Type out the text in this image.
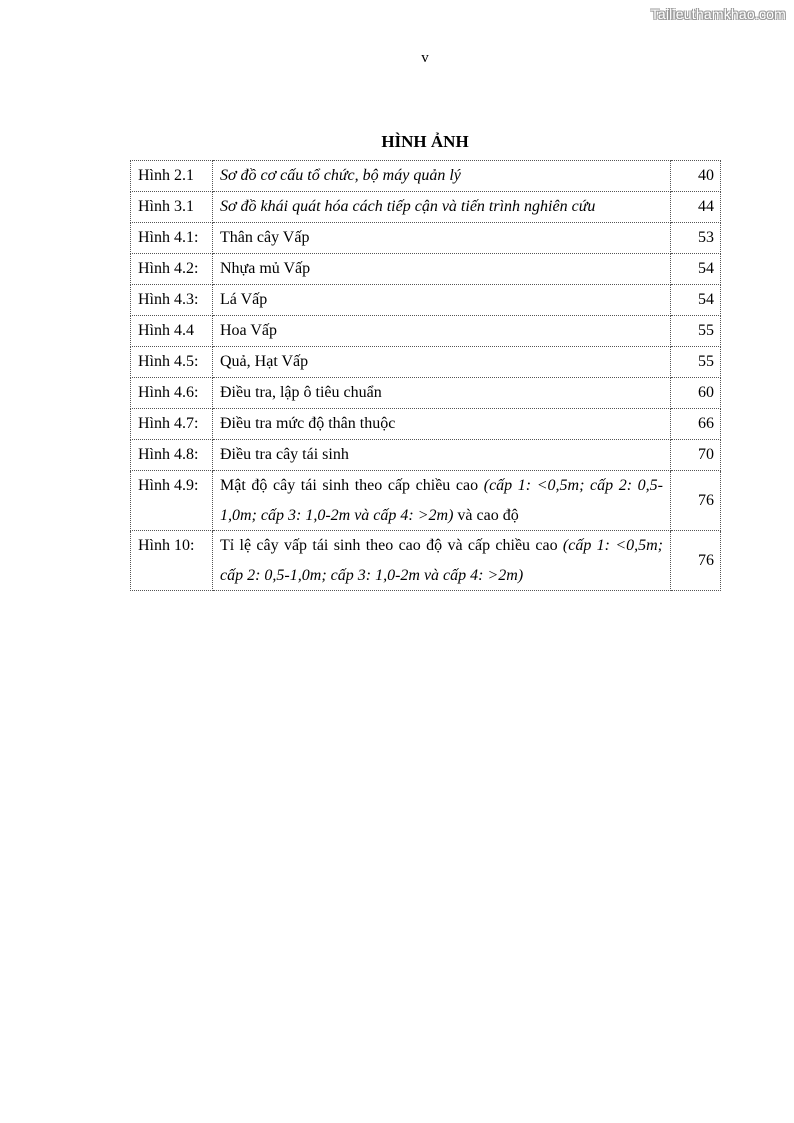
Tailieuthamkhao.com
v
HÌNH ẢNH
Hình 2.1	Sơ đồ cơ cấu tổ chức, bộ máy quản lý	40
Hình 3.1	Sơ đồ khái quát hóa cách tiếp cận và tiến trình nghiên cứu	44
Hình 4.1:	Thân cây Vấp	53
Hình 4.2:	Nhựa mủ Vấp	54
Hình 4.3:	Lá Vấp	54
Hình 4.4	Hoa Vấp	55
Hình 4.5:	Quả, Hạt Vấp	55
Hình 4.6:	Điều tra, lập ô tiêu chuẩn	60
Hình 4.7:	Điều tra mức độ thân thuộc	66
Hình 4.8:	Điều tra cây tái sinh	70
Hình 4.9:	Mật độ cây tái sinh theo cấp chiều cao (cấp 1: <0,5m; cấp 2: 0,5-1,0m; cấp 3: 1,0-2m và cấp 4: >2m) và cao độ	76
Hình 10:	Tỉ lệ cây vấp tái sinh theo cao độ và cấp chiều cao (cấp 1: <0,5m; cấp 2: 0,5-1,0m; cấp 3: 1,0-2m và cấp 4: >2m)	76
